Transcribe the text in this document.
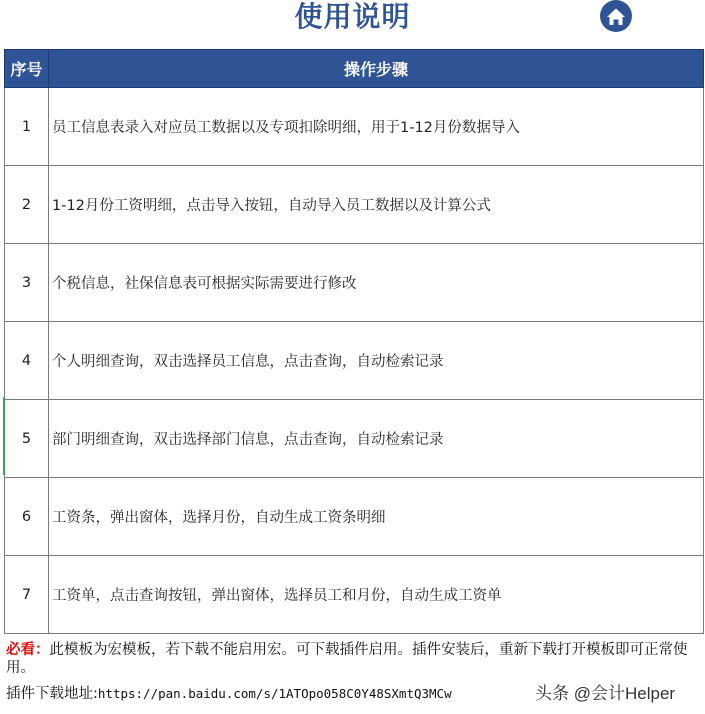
使用说明
序号	操作步骤
1	员工信息表录入对应员工数据以及专项扣除明细，用于1-12月份数据导入
2	1-12月份工资明细，点击导入按钮，自动导入员工数据以及计算公式
3	个税信息，社保信息表可根据实际需要进行修改
4	个人明细查询，双击选择员工信息，点击查询，自动检索记录
5	部门明细查询，双击选择部门信息，点击查询，自动检索记录
6	工资条，弹出窗体，选择月份，自动生成工资条明细
7	工资单，点击查询按钮，弹出窗体，选择员工和月份，自动生成工资单
必看：此模板为宏模板，若下载不能启用宏。可下载插件启用。插件安装后，重新下载打开模板即可正常使用。
插件下载地址:https://pan.baidu.com/s/1ATOpo058C0Y48SXmtQ3MCw	头条 @会计Helper
